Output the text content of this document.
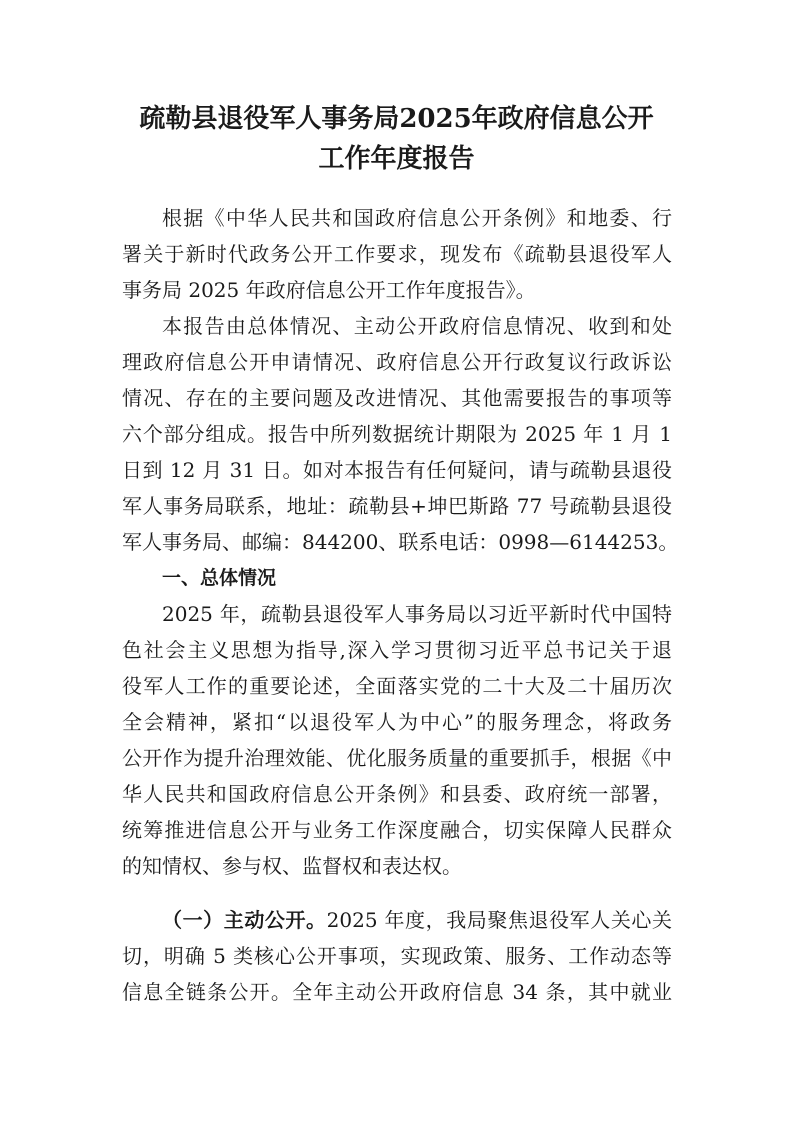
疏勒县退役军人事务局2025年政府信息公开
工作年度报告

根据《中华人民共和国政府信息公开条例》和地委、行

署关于新时代政务公开工作要求，现发布《疏勒县退役军人

事务局 2025 年政府信息公开工作年度报告》。

本报告由总体情况、主动公开政府信息情况、收到和处

理政府信息公开申请情况、政府信息公开行政复议行政诉讼

情况、存在的主要问题及改进情况、其他需要报告的事项等

六个部分组成。报告中所列数据统计期限为 2025 年 1 月 1

日到 12 月 31 日。如对本报告有任何疑问，请与疏勒县退役

军人事务局联系，地址：疏勒县+坤巴斯路 77 号疏勒县退役

军人事务局、邮编：844200、联系电话：0998—6144253。

一、总体情况

2025 年，疏勒县退役军人事务局以习近平新时代中国特

色社会主义思想为指导,深入学习贯彻习近平总书记关于退

役军人工作的重要论述，全面落实党的二十大及二十届历次

全会精神，紧扣“以退役军人为中心”的服务理念，将政务

公开作为提升治理效能、优化服务质量的重要抓手，根据《中

华人民共和国政府信息公开条例》和县委、政府统一部署，

统筹推进信息公开与业务工作深度融合，切实保障人民群众

的知情权、参与权、监督权和表达权。

（一）主动公开。2025 年度，我局聚焦退役军人关心关

切，明确 5 类核心公开事项，实现政策、服务、工作动态等

信息全链条公开。全年主动公开政府信息 34 条，其中就业
